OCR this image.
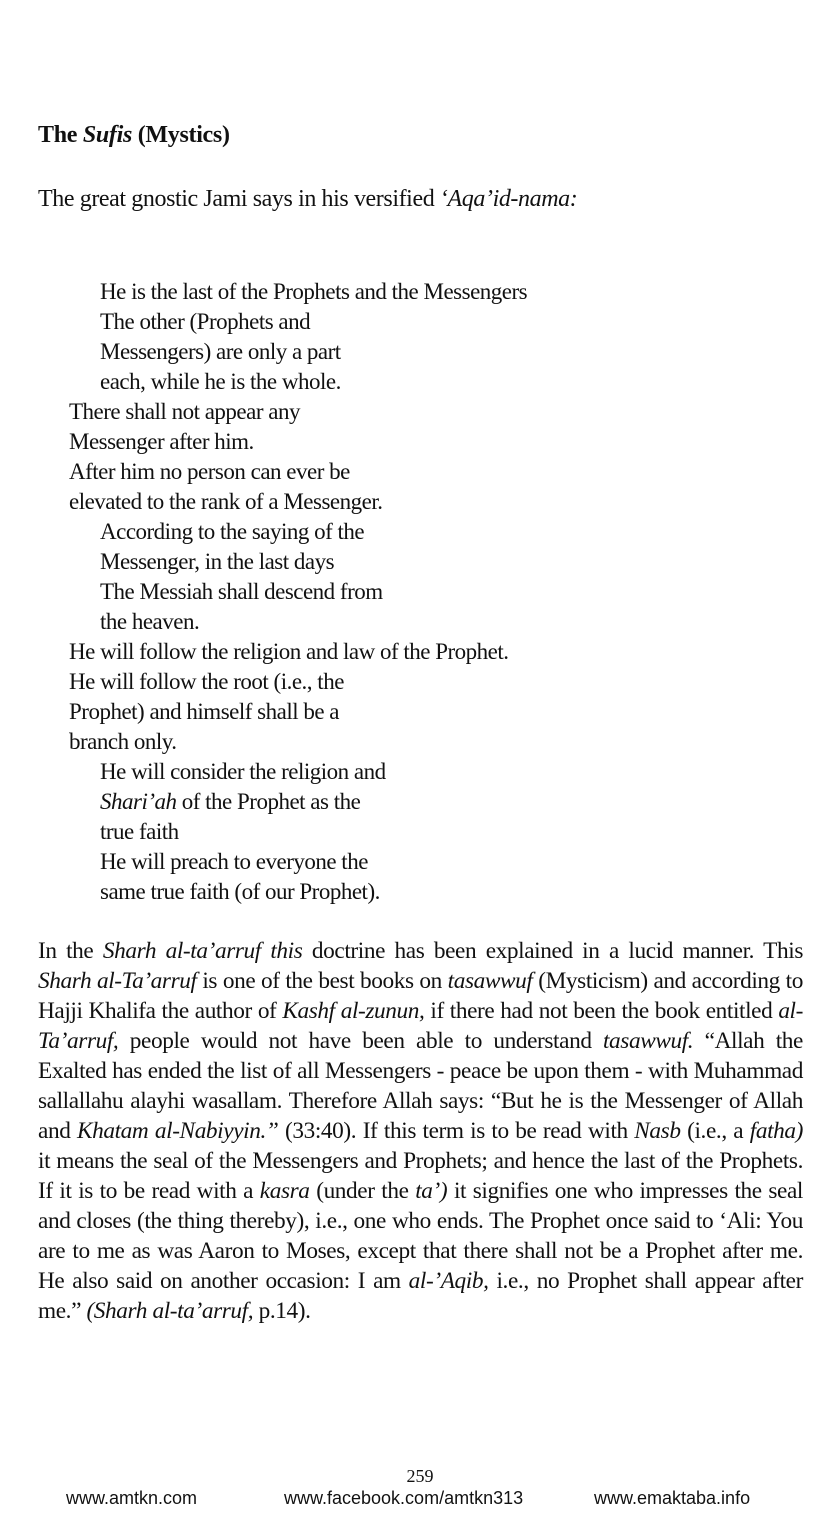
The Sufis (Mystics)
The great gnostic Jami says in his versified ‘Aqa’id-nama:
He is the last of the Prophets and the Messengers
The other (Prophets and
Messengers) are only a part
each, while he is the whole.
There shall not appear any
Messenger after him.
After him no person can ever be
elevated to the rank of a Messenger.
According to the saying of the
Messenger, in the last days
The Messiah shall descend from
the heaven.
He will follow the religion and law of the Prophet.
He will follow the root (i.e., the
Prophet) and himself shall be a
branch only.
He will consider the religion and
Shari’ah of the Prophet as the
true faith
He will preach to everyone the
same true faith (of our Prophet).

In the Sharh al-ta’arruf this doctrine has been explained in a lucid manner. This Sharh al-Ta’arruf is one of the best books on tasawwuf (Mysticism) and according to Hajji Khalifa the author of Kashf al-zunun, if there had not been the book entitled al-Ta’arruf, people would not have been able to understand tasawwuf. “Allah the Exalted has ended the list of all Messengers - peace be upon them - with Muhammad sallallahu alayhi wasallam. Therefore Allah says: “But he is the Messenger of Allah and Khatam al-Nabiyyin.” (33:40). If this term is to be read with Nasb (i.e., a fatha) it means the seal of the Messengers and Prophets; and hence the last of the Prophets. If it is to be read with a kasra (under the ta’) it signifies one who impresses the seal and closes (the thing thereby), i.e., one who ends. The Prophet once said to ‘Ali: You are to me as was Aaron to Moses, except that there shall not be a Prophet after me. He also said on another occasion: I am al-’Aqib, i.e., no Prophet shall appear after me.” (Sharh al-ta’arruf, p.14).

259
www.amtkn.com	www.facebook.com/amtkn313	www.emaktaba.info
